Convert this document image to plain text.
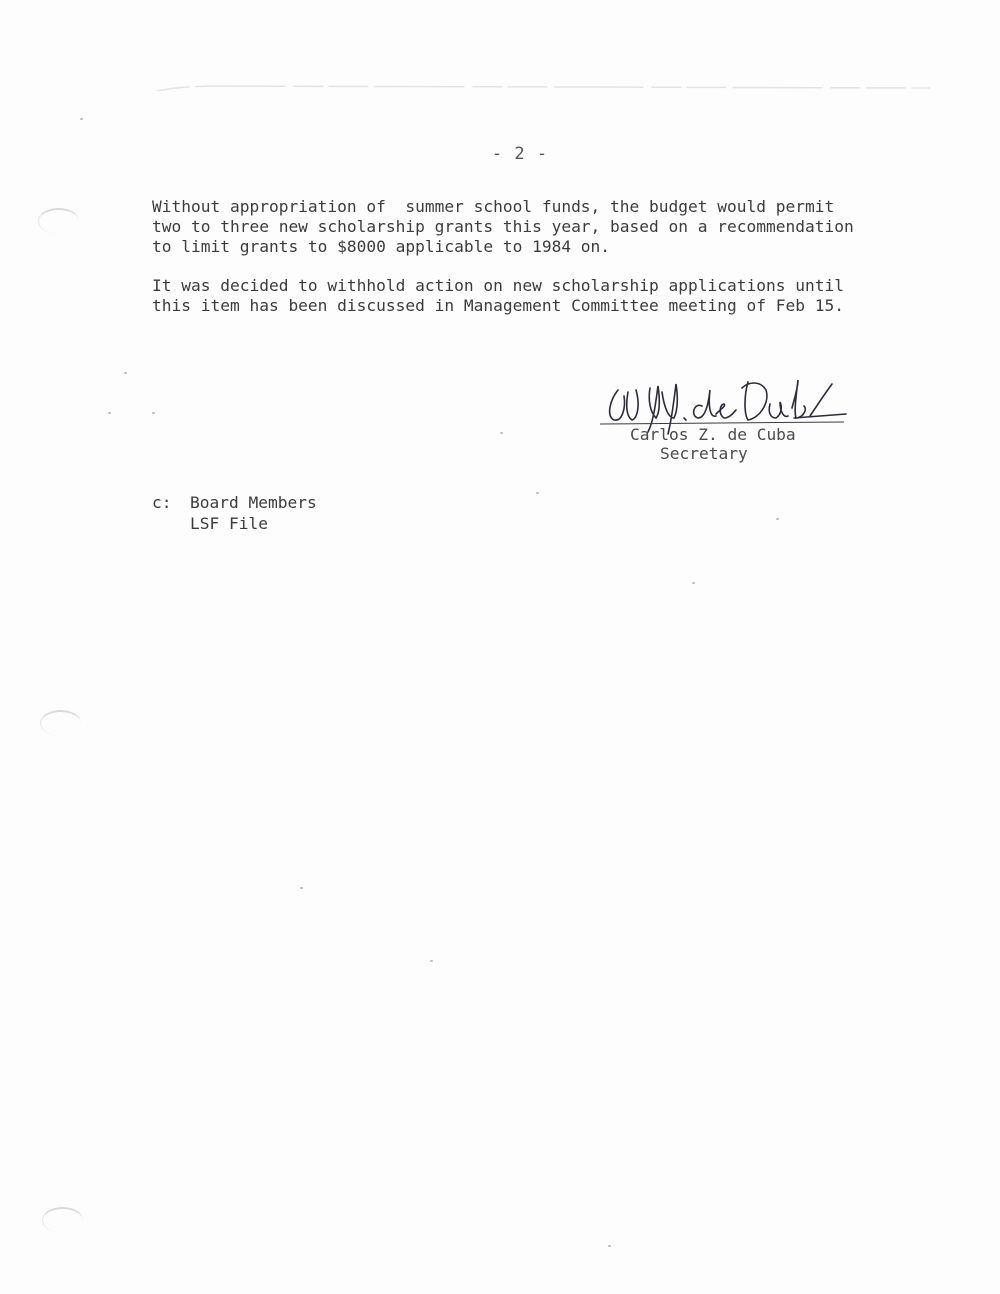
- 2 -
Without appropriation of  summer school funds, the budget would permit
two to three new scholarship grants this year, based on a recommendation
to limit grants to $8000 applicable to 1984 on.
It was decided to withhold action on new scholarship applications until
this item has been discussed in Management Committee meeting of Feb 15.
Carlos Z. de Cuba
Secretary
c: Board Members
LSF File
